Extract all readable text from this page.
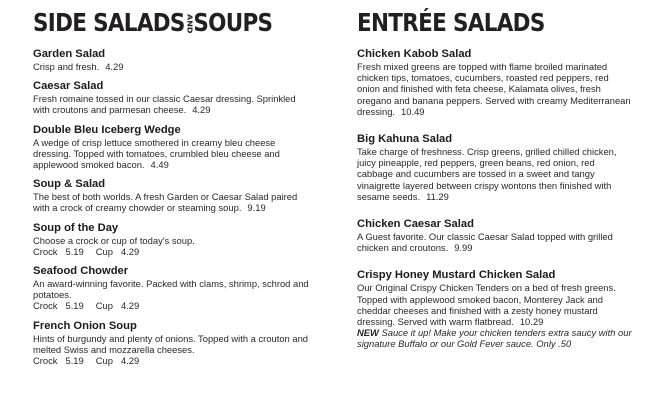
SIDE SALADSANDSOUPS
Garden Salad
Crisp and fresh. 4.29
Caesar Salad
Fresh romaine tossed in our classic Caesar dressing. Sprinkled with croutons and parmesan cheese. 4.29
Double Bleu Iceberg Wedge
A wedge of crisp lettuce smothered in creamy bleu cheese dressing. Topped with tomatoes, crumbled bleu cheese and applewood smoked bacon. 4.49
Soup & Salad
The best of both worlds. A fresh Garden or Caesar Salad paired with a crock of creamy chowder or steaming soup. 9.19
Soup of the Day
Choose a crock or cup of today's soup.
Crock 5.19 Cup 4.29
Seafood Chowder
An award-winning favorite. Packed with clams, shrimp, schrod and potatoes.
Crock 5.19 Cup 4.29
French Onion Soup
Hints of burgundy and plenty of onions. Topped with a crouton and melted Swiss and mozzarella cheeses.
Crock 5.19 Cup 4.29
ENTRÉE SALADS
Chicken Kabob Salad
Fresh mixed greens are topped with flame broiled marinated chicken tips, tomatoes, cucumbers, roasted red peppers, red onion and finished with feta cheese, Kalamata olives, fresh oregano and banana peppers. Served with creamy Mediterranean dressing. 10.49
Big Kahuna Salad
Take charge of freshness. Crisp greens, grilled chilled chicken, juicy pineapple, red peppers, green beans, red onion, red cabbage and cucumbers are tossed in a sweet and tangy vinaigrette layered between crispy wontons then finished with sesame seeds. 11.29
Chicken Caesar Salad
A Guest favorite. Our classic Caesar Salad topped with grilled chicken and croutons. 9.99
Crispy Honey Mustard Chicken Salad
Our Original Crispy Chicken Tenders on a bed of fresh greens. Topped with applewood smoked bacon, Monterey Jack and cheddar cheeses and finished with a zesty honey mustard dressing. Served with warm flatbread. 10.29
NEW Sauce it up! Make your chicken tenders extra saucy with our signature Buffalo or our Gold Fever sauce. Only .50
